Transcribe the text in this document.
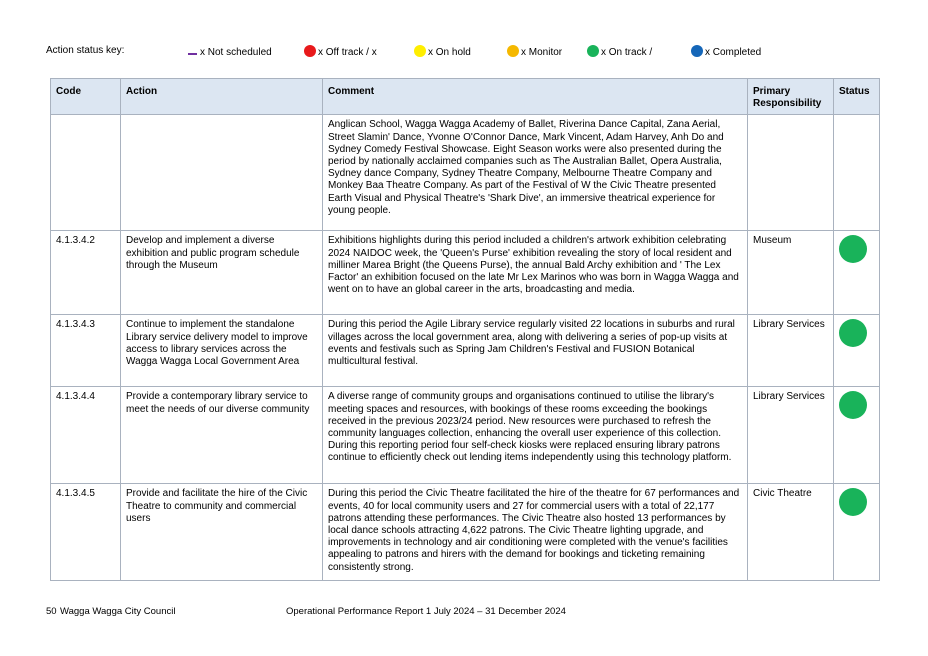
Action status key:	x Not scheduled	x Off track / x	x On hold	x Monitor	x On track /	x Completed
Code	Action	Comment	Primary Responsibility	Status
		Anglican School, Wagga Wagga Academy of Ballet, Riverina Dance Capital, Zana Aerial, Street Slamin' Dance, Yvonne O'Connor Dance, Mark Vincent, Adam Harvey, Anh Do and Sydney Comedy Festival Showcase. Eight Season works were also presented during the period by nationally acclaimed companies such as The Australian Ballet, Opera Australia, Sydney dance Company, Sydney Theatre Company, Melbourne Theatre Company and Monkey Baa Theatre Company. As part of the Festival of W the Civic Theatre presented Earth Visual and Physical Theatre's 'Shark Dive', an immersive theatrical experience for young people.		
4.1.3.4.2	Develop and implement a diverse exhibition and public program schedule through the Museum	Exhibitions highlights during this period included a children's artwork exhibition celebrating 2024 NAIDOC week, the 'Queen's Purse' exhibition revealing the story of local resident and milliner Marea Bright (the Queens Purse), the annual Bald Archy exhibition and ' The Lex Factor' an exhibition focused on the late Mr Lex Marinos who was born in Wagga Wagga and went on to have an global career in the arts, broadcasting and media.	Museum	
4.1.3.4.3	Continue to implement the standalone Library service delivery model to improve access to library services across the Wagga Wagga Local Government Area	During this period the Agile Library service regularly visited 22 locations in suburbs and rural villages across the local government area, along with delivering a series of pop-up visits at events and festivals such as Spring Jam Children's Festival and FUSION Botanical multicultural festival.	Library Services	
4.1.3.4.4	Provide a contemporary library service to meet the needs of our diverse community	A diverse range of community groups and organisations continued to utilise the library's meeting spaces and resources, with bookings of these rooms exceeding the bookings received in the previous 2023/24 period. New resources were purchased to refresh the community languages collection, enhancing the overall user experience of this collection. During this reporting period four self-check kiosks were replaced ensuring library patrons continue to efficiently check out lending items independently using this technology platform.	Library Services	
4.1.3.4.5	Provide and facilitate the hire of the Civic Theatre to community and commercial users	During this period the Civic Theatre facilitated the hire of the theatre for 67 performances and events, 40 for local community users and 27 for commercial users with a total of 22,177 patrons attending these performances. The Civic Theatre also hosted 13 performances by local dance schools attracting 4,622 patrons. The Civic Theatre lighting upgrade, and improvements in technology and air conditioning were completed with the venue's facilities appealing to patrons and hirers with the demand for bookings and ticketing remaining consistently strong.	Civic Theatre	
50 Wagga Wagga City Council	Operational Performance Report 1 July 2024 – 31 December 2024
